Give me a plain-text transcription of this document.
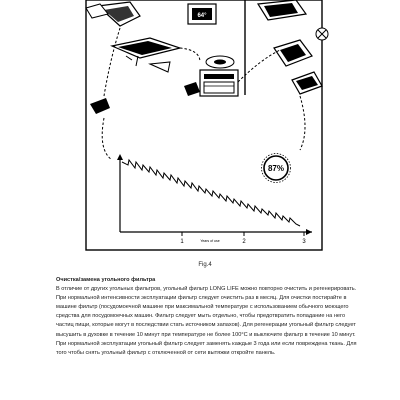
64°
87%
1	2	3
Years of use
Fig.4
Очистка/замена угольного фильтра

В отличие от других угольных фильтров, угольный фильтр LONG LIFE можно повторно очистить и регенерировать. При нормальной интенсивности эксплуатации фильтр следует очистить раз в месяц. Для очистки постирайте в машине фильтр (посудомоечной машине при максимальной температуре с использованием обычного моющего средства для посудомоечных машин. Фильтр следует мыть отдельно, чтобы предотвратить попадание на него частиц пищи, которые могут в последствии стать источником запахов). Для регенерации угольный фильтр следует высушить в духовке в течение 10 минут при температуре не более 100°C и выключите фильтр в течение 10 минут.

При нормальной эксплуатации угольный фильтр следует заменять каждые 3 года или если повреждена ткань. Для того чтобы снять угольный фильтр с отключенной от сети вытяжки откройте панель.
